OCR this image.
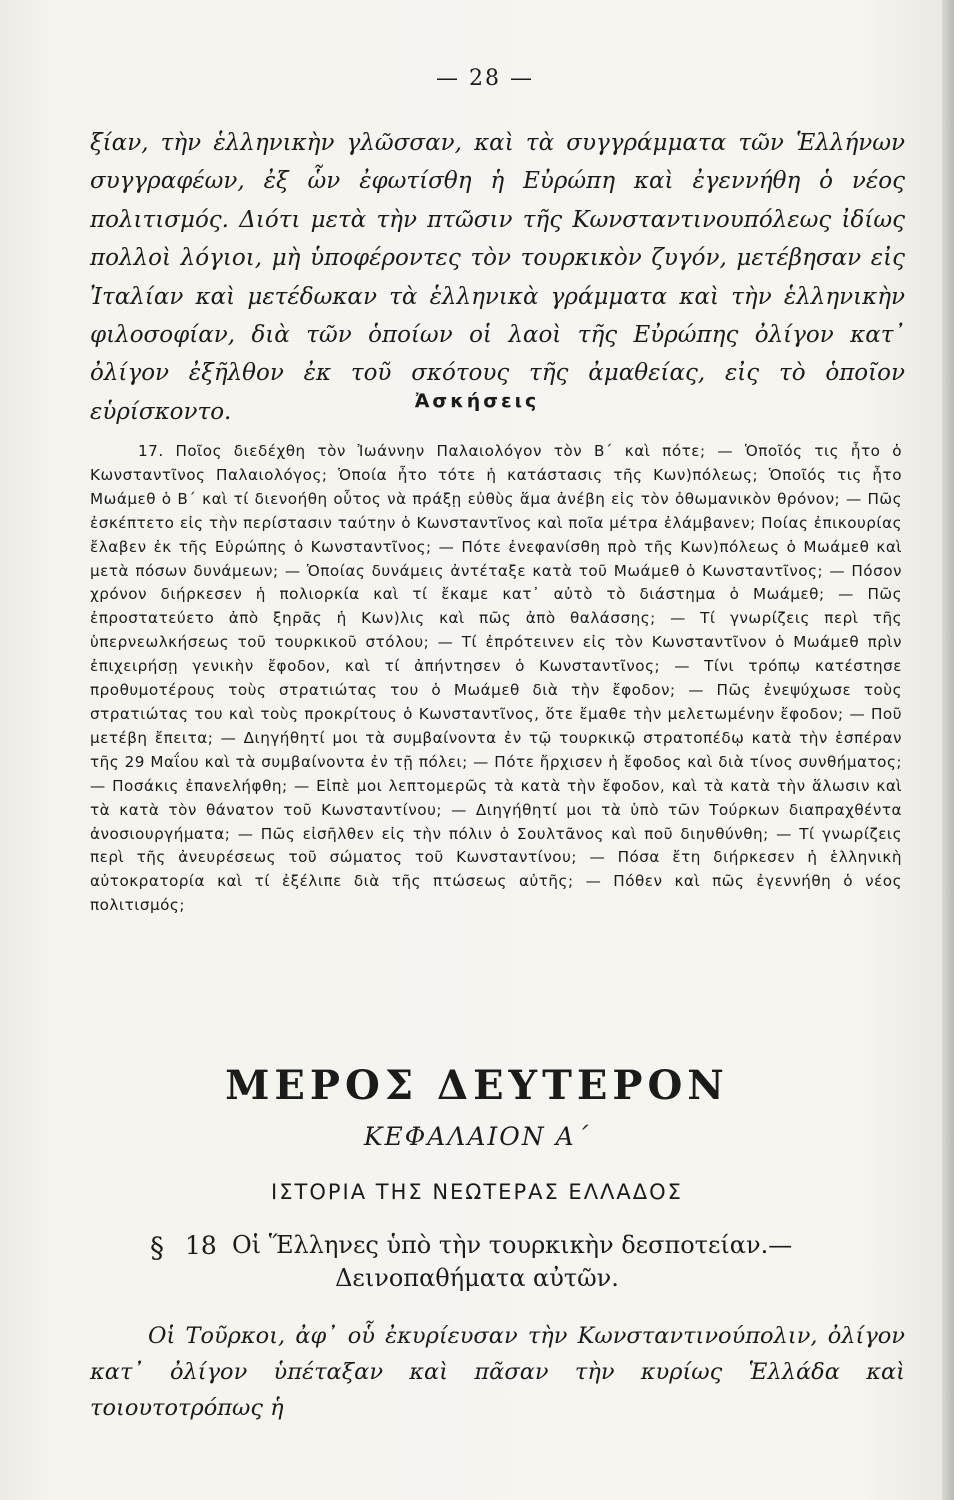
— 28 —
ξίαν, τὴν ἑλληνικὴν γλῶσσαν, καὶ τὰ συγγράμματα τῶν Ἑλλήνων συγγραφέων, ἐξ ὧν ἐφωτίσθη ἡ Εὐρώπη καὶ ἐγεννήθη ὁ νέος πολιτισμός. Διότι μετὰ τὴν πτῶσιν τῆς Κωνσταντινουπόλεως ἰδίως πολλοὶ λόγιοι, μὴ ὑποφέροντες τὸν τουρκικὸν ζυγόν, μετέβησαν εἰς Ἰταλίαν καὶ μετέδωκαν τὰ ἑλληνικὰ γράμματα καὶ τὴν ἑλληνικὴν φιλοσοφίαν, διὰ τῶν ὁποίων οἱ λαοὶ τῆς Εὐρώπης ὀλίγον κατ᾽ ὀλίγον ἐξῆλθον ἐκ τοῦ σκότους τῆς ἀμαθείας, εἰς τὸ ὁποῖον εὑρίσκοντο.	Ἀσκήσεις
17. Ποῖος διεδέχθη τὸν Ἰωάννην Παλαιολόγον τὸν Β΄ καὶ πότε; — Ὁποῖός τις ἦτο ὁ Κωνσταντῖνος Παλαιολόγος; Ὁποία ἦτο τότε ἡ κατάστασις τῆς Κων)πόλεως; Ὁποῖός τις ἦτο Μωάμεθ ὁ Β΄ καὶ τί διενοήθη οὗτος νὰ πράξῃ εὐθὺς ἅμα ἀνέβη εἰς τὸν ὀθωμανικὸν θρόνον; — Πῶς ἐσκέπτετο εἰς τὴν περίστασιν ταύτην ὁ Κωνσταντῖνος καὶ ποῖα μέτρα ἐλάμβανεν; Ποίας ἐπικουρίας ἔλαβεν ἐκ τῆς Εὐρώπης ὁ Κωνσταντῖνος; — Πότε ἐνεφανίσθη πρὸ τῆς Κων)πόλεως ὁ Μωάμεθ καὶ μετὰ πόσων δυνάμεων; — Ὁποίας δυνάμεις ἀντέταξε κατὰ τοῦ Μωάμεθ ὁ Κωνσταντῖνος; — Πόσον χρόνον διήρκεσεν ἡ πολιορκία καὶ τί ἔκαμε κατ᾽ αὐτὸ τὸ διάστημα ὁ Μωάμεθ; — Πῶς ἐπροστατεύετο ἀπὸ ξηρᾶς ἡ Κων)λις καὶ πῶς ἀπὸ θαλάσσης; — Τί γνωρίζεις περὶ τῆς ὑπερνεωλκήσεως τοῦ τουρκικοῦ στόλου; — Τί ἐπρότεινεν εἰς τὸν Κωνσταντῖνον ὁ Μωάμεθ πρὶν ἐπιχειρήσῃ γενικὴν ἔφοδον, καὶ τί ἀπήντησεν ὁ Κωνσταντῖνος; — Τίνι τρόπῳ κατέστησε προθυμοτέρους τοὺς στρατιώτας του ὁ Μωάμεθ διὰ τὴν ἔφοδον; — Πῶς ἐνεψύχωσε τοὺς στρατιώτας του καὶ τοὺς προκρίτους ὁ Κωνσταντῖνος, ὅτε ἔμαθε τὴν μελετωμένην ἔφοδον; — Ποῦ μετέβη ἔπειτα; — Διηγήθητί μοι τὰ συμβαίνοντα ἐν τῷ τουρκικῷ στρατοπέδῳ κατὰ τὴν ἑσπέραν τῆς 29 Μαΐου καὶ τὰ συμβαίνοντα ἐν τῇ πόλει; — Πότε ἤρχισεν ἡ ἔφοδος καὶ διὰ τίνος συνθήματος; — Ποσάκις ἐπανελήφθη; — Εἰπὲ μοι λεπτομερῶς τὰ κατὰ τὴν ἔφοδον, καὶ τὰ κατὰ τὴν ἅλωσιν καὶ τὰ κατὰ τὸν θάνατον τοῦ Κωνσταντίνου; — Διηγήθητί μοι τὰ ὑπὸ τῶν Τούρκων διαπραχθέντα ἀνοσιουργήματα; — Πῶς εἰσῆλθεν εἰς τὴν πόλιν ὁ Σουλτᾶνος καὶ ποῦ διηυθύνθη; — Τί γνωρίζεις περὶ τῆς ἀνευρέσεως τοῦ σώματος τοῦ Κωνσταντίνου; — Πόσα ἔτη διήρκεσεν ἡ ἑλληνικὴ αὐτοκρατορία καὶ τί ἐξέλιπε διὰ τῆς πτώσεως αὐτῆς; — Πόθεν καὶ πῶς ἐγεννήθη ὁ νέος πολιτισμός;
ΜΕΡΟΣ ΔΕΥΤΕΡΟΝ
ΚΕΦΑΛΑΙΟΝ Α΄
ΙΣΤΟΡΙΑ ΤΗΣ ΝΕΩΤΕΡΑΣ ΕΛΛΑΔΟΣ
§ 18 Οἱ Ἕλληνες ὑπὸ τὴν τουρκικὴν δεσποτείαν.—
Δεινοπαθήματα αὐτῶν.
Οἱ Τοῦρκοι, ἀφ᾽ οὗ ἐκυρίευσαν τὴν Κωνσταντινούπολιν, ὀλίγον κατ᾽ ὀλίγον ὑπέταξαν καὶ πᾶσαν τὴν κυρίως Ἑλλάδα καὶ τοιουτοτρόπως ἡ
